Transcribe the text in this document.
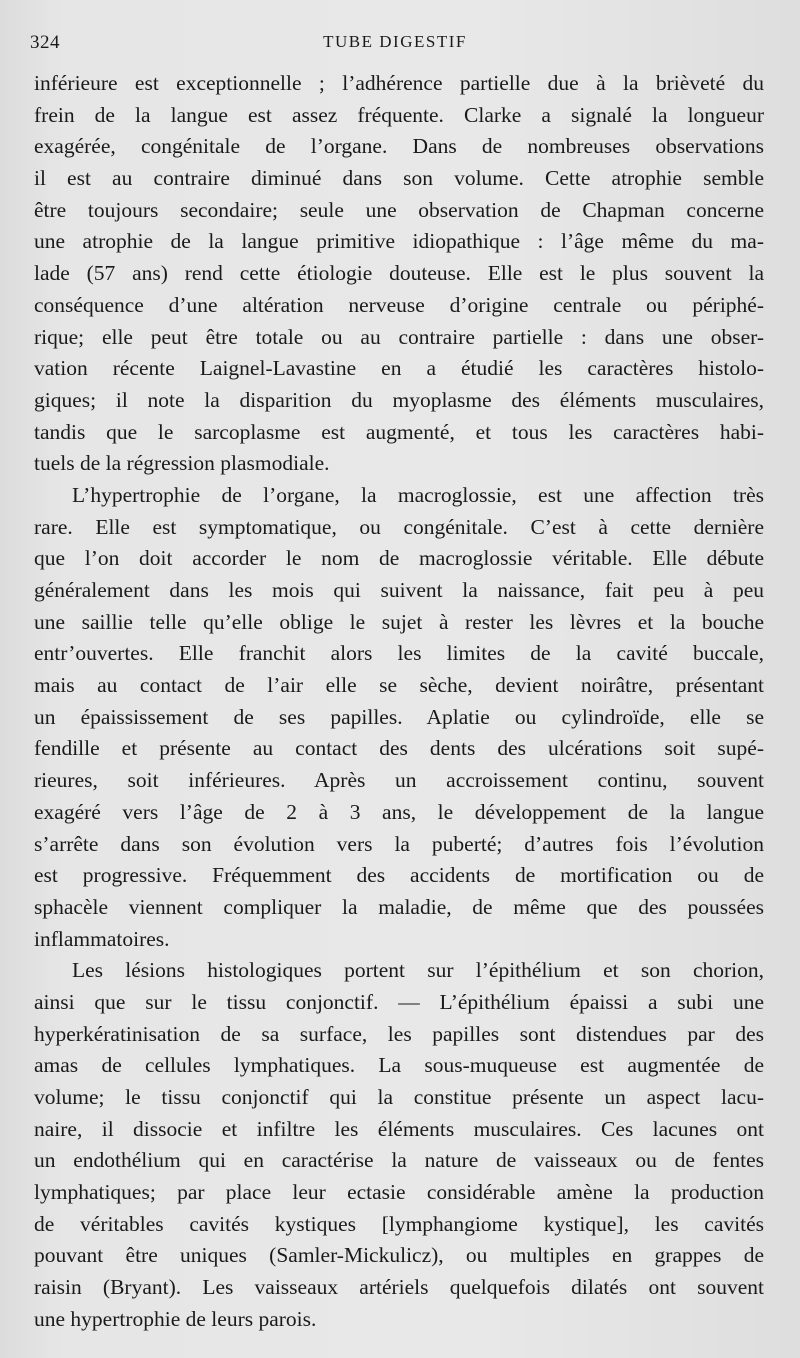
324	TUBE DIGESTIF
inférieure est exceptionnelle ; l’adhérence partielle due à la brièveté du
frein de la langue est assez fréquente. Clarke a signalé la longueur
exagérée, congénitale de l’organe. Dans de nombreuses observations
il est au contraire diminué dans son volume. Cette atrophie semble
être toujours secondaire; seule une observation de Chapman concerne
une atrophie de la langue primitive idiopathique : l’âge même du ma-
lade (57 ans) rend cette étiologie douteuse. Elle est le plus souvent la
conséquence d’une altération nerveuse d’origine centrale ou périphé-
rique; elle peut être totale ou au contraire partielle : dans une obser-
vation récente Laignel-Lavastine en a étudié les caractères histolo-
giques; il note la disparition du myoplasme des éléments musculaires,
tandis que le sarcoplasme est augmenté, et tous les caractères habi-
tuels de la régression plasmodiale.
L’hypertrophie de l’organe, la macroglossie, est une affection très
rare. Elle est symptomatique, ou congénitale. C’est à cette dernière
que l’on doit accorder le nom de macroglossie véritable. Elle débute
généralement dans les mois qui suivent la naissance, fait peu à peu
une saillie telle qu’elle oblige le sujet à rester les lèvres et la bouche
entr’ouvertes. Elle franchit alors les limites de la cavité buccale,
mais au contact de l’air elle se sèche, devient noirâtre, présentant
un épaississement de ses papilles. Aplatie ou cylindroïde, elle se
fendille et présente au contact des dents des ulcérations soit supé-
rieures, soit inférieures. Après un accroissement continu, souvent
exagéré vers l’âge de 2 à 3 ans, le développement de la langue
s’arrête dans son évolution vers la puberté; d’autres fois l’évolution
est progressive. Fréquemment des accidents de mortification ou de
sphacèle viennent compliquer la maladie, de même que des poussées
inflammatoires.
Les lésions histologiques portent sur l’épithélium et son chorion,
ainsi que sur le tissu conjonctif. — L’épithélium épaissi a subi une
hyperkératinisation de sa surface, les papilles sont distendues par des
amas de cellules lymphatiques. La sous-muqueuse est augmentée de
volume; le tissu conjonctif qui la constitue présente un aspect lacu-
naire, il dissocie et infiltre les éléments musculaires. Ces lacunes ont
un endothélium qui en caractérise la nature de vaisseaux ou de fentes
lymphatiques; par place leur ectasie considérable amène la production
de véritables cavités kystiques [lymphangiome kystique], les cavités
pouvant être uniques (Samler-Mickulicz), ou multiples en grappes de
raisin (Bryant). Les vaisseaux artériels quelquefois dilatés ont souvent
une hypertrophie de leurs parois.
